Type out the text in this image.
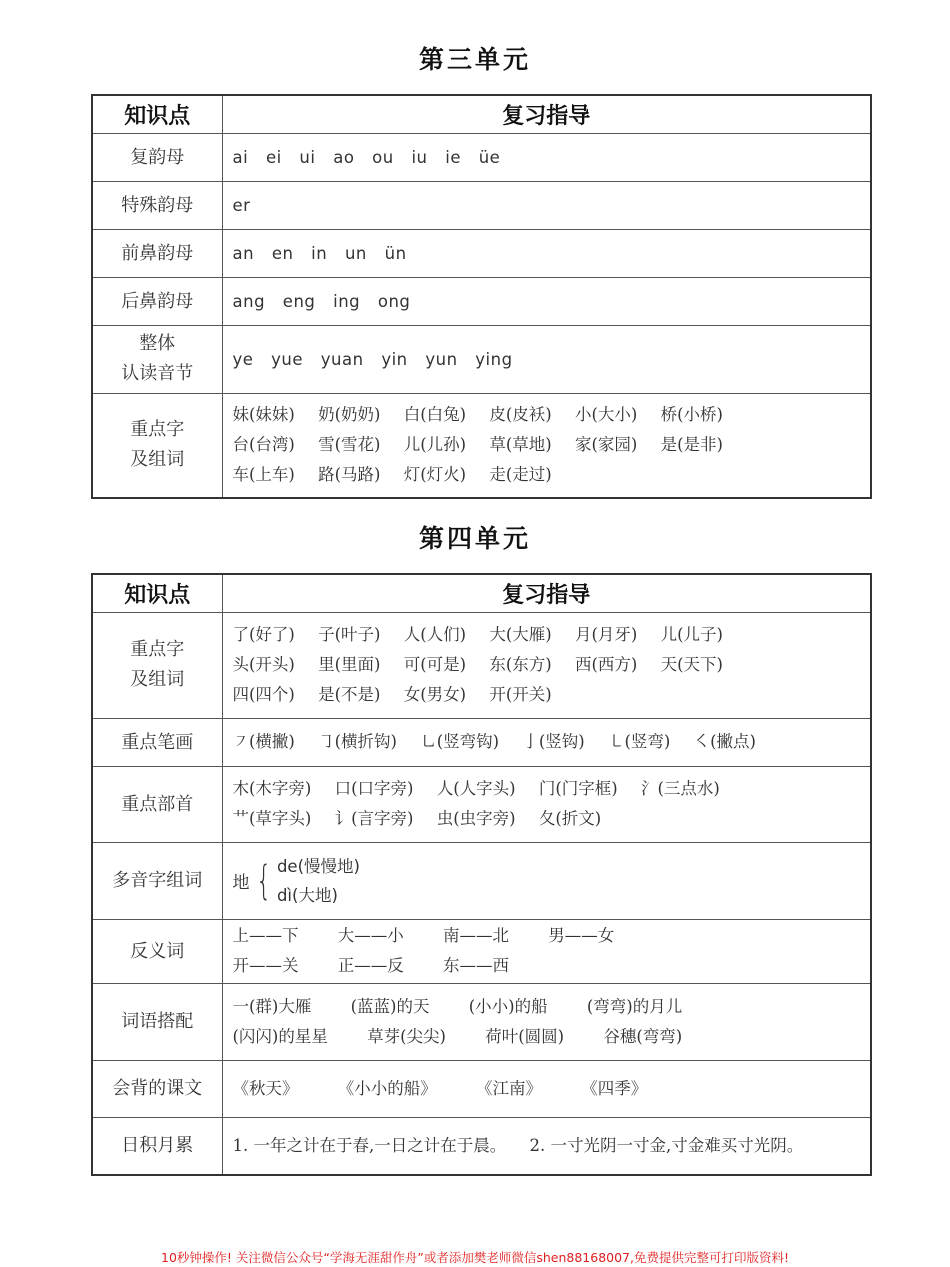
第三单元
知识点	复习指导
复韵母	ai ei ui ao ou iu ie üe
特殊韵母	er
前鼻韵母	an en in un ün
后鼻韵母	ang eng ing ong

整体
认读音节	ye yue yuan yin yun ying

重点字
及组词	妹(妹妹) 奶(奶奶) 白(白兔) 皮(皮袄) 小(大小) 桥(小桥)
台(台湾) 雪(雪花) 儿(儿孙) 草(草地) 家(家园) 是(是非)
车(上车) 路(马路) 灯(灯火) 走(走过)
第四单元
知识点	复习指导

重点字
及组词	了(好了) 子(叶子) 人(人们) 大(大雁) 月(月牙) 儿(儿子)
头(开头) 里(里面) 可(可是) 东(东方) 西(西方) 天(天下)
四(四个) 是(不是) 女(男女) 开(开关)

重点笔画	㇇(横撇) ㇆(横折钩) ㇟(竖弯钩) 亅(竖钩) ㇄(竖弯) ㇛(撇点)

重点部首	木(木字旁) 口(口字旁) 人(人字头) 门(门字框) 氵(三点水)
艹(草字头) 讠(言字旁) 虫(虫字旁) 夂(折文)

多音字组词	地 { de(慢慢地)
dì(大地)

反义词	上——下 大——小 南——北 男——女
开——关 正——反 东——西

词语搭配	一(群)大雁 (蓝蓝)的天 (小小)的船 (弯弯)的月儿
(闪闪)的星星 草芽(尖尖) 荷叶(圆圆) 谷穗(弯弯)

会背的课文	《秋天》 《小小的船》 《江南》 《四季》

日积月累	1. 一年之计在于春,一日之计在于晨。 2. 一寸光阴一寸金,寸金难买寸光阴。
10秒钟操作! 关注微信公众号“学海无涯甜作舟”或者添加樊老师微信shen88168007,免费提供完整可打印版资料!
